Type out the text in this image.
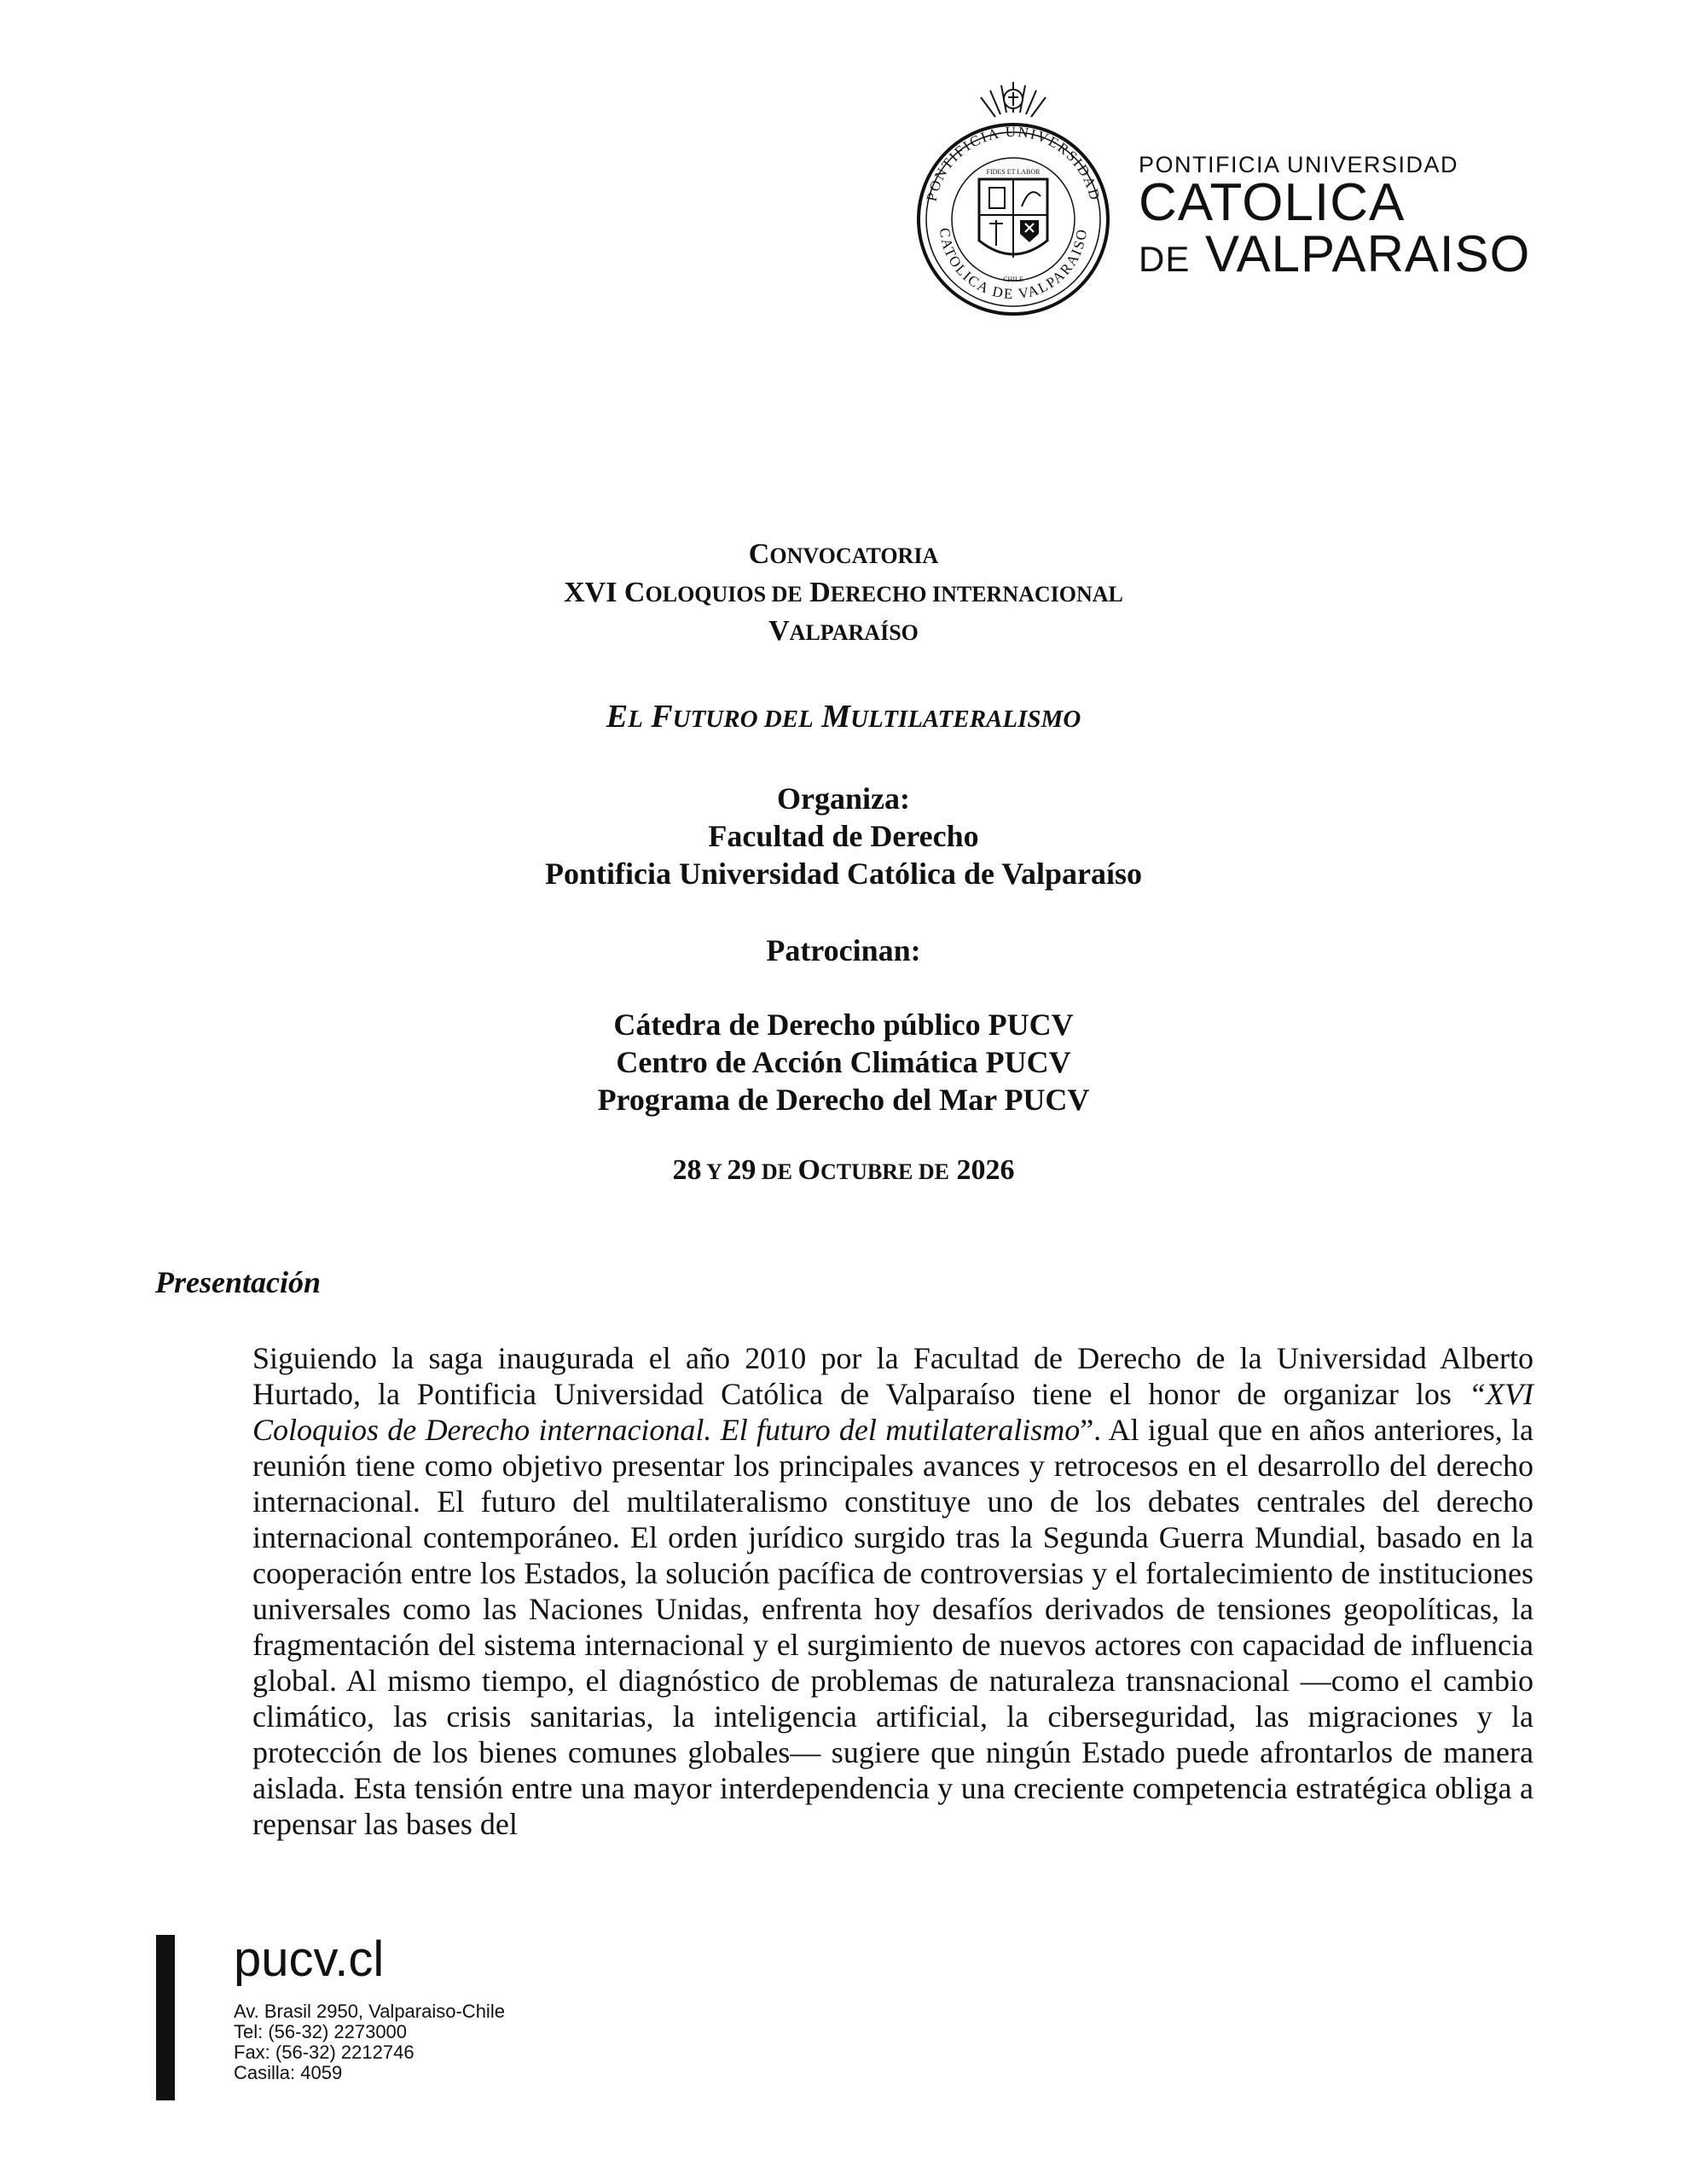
PONTIFICIA UNIVERSIDAD
CATOLICA DE VALPARAISO
FIDES ET LABOR
CHILE
PONTIFICIA UNIVERSIDAD
CATOLICA
DE VALPARAISO
CONVOCATORIA
XVI COLOQUIOS DE DERECHO INTERNACIONAL
VALPARAÍSO
EL FUTURO DEL MULTILATERALISMO
Organiza:
Facultad de Derecho
Pontificia Universidad Católica de Valparaíso
Patrocinan:
Cátedra de Derecho público PUCV
Centro de Acción Climática PUCV
Programa de Derecho del Mar PUCV
28 Y 29 DE OCTUBRE DE 2026
Presentación

Siguiendo la saga inaugurada el año 2010 por la Facultad de Derecho de la Universidad Alberto Hurtado, la Pontificia Universidad Católica de Valparaíso tiene el honor de organizar los “XVI Coloquios de Derecho internacional. El futuro del mutilateralismo”. Al igual que en años anteriores, la reunión tiene como objetivo presentar los principales avances y retrocesos en el desarrollo del derecho internacional. El futuro del multilateralismo constituye uno de los debates centrales del derecho internacional contemporáneo. El orden jurídico surgido tras la Segunda Guerra Mundial, basado en la cooperación entre los Estados, la solución pacífica de controversias y el fortalecimiento de instituciones universales como las Naciones Unidas, enfrenta hoy desafíos derivados de tensiones geopolíticas, la fragmentación del sistema internacional y el surgimiento de nuevos actores con capacidad de influencia global. Al mismo tiempo, el diagnóstico de problemas de naturaleza transnacional —como el cambio climático, las crisis sanitarias, la inteligencia artificial, la ciberseguridad, las migraciones y la protección de los bienes comunes globales— sugiere que ningún Estado puede afrontarlos de manera aislada. Esta tensión entre una mayor interdependencia y una creciente competencia estratégica obliga a repensar las bases del

pucv.cl
Av. Brasil 2950, Valparaiso-Chile
Tel: (56-32) 2273000
Fax: (56-32) 2212746
Casilla: 4059
